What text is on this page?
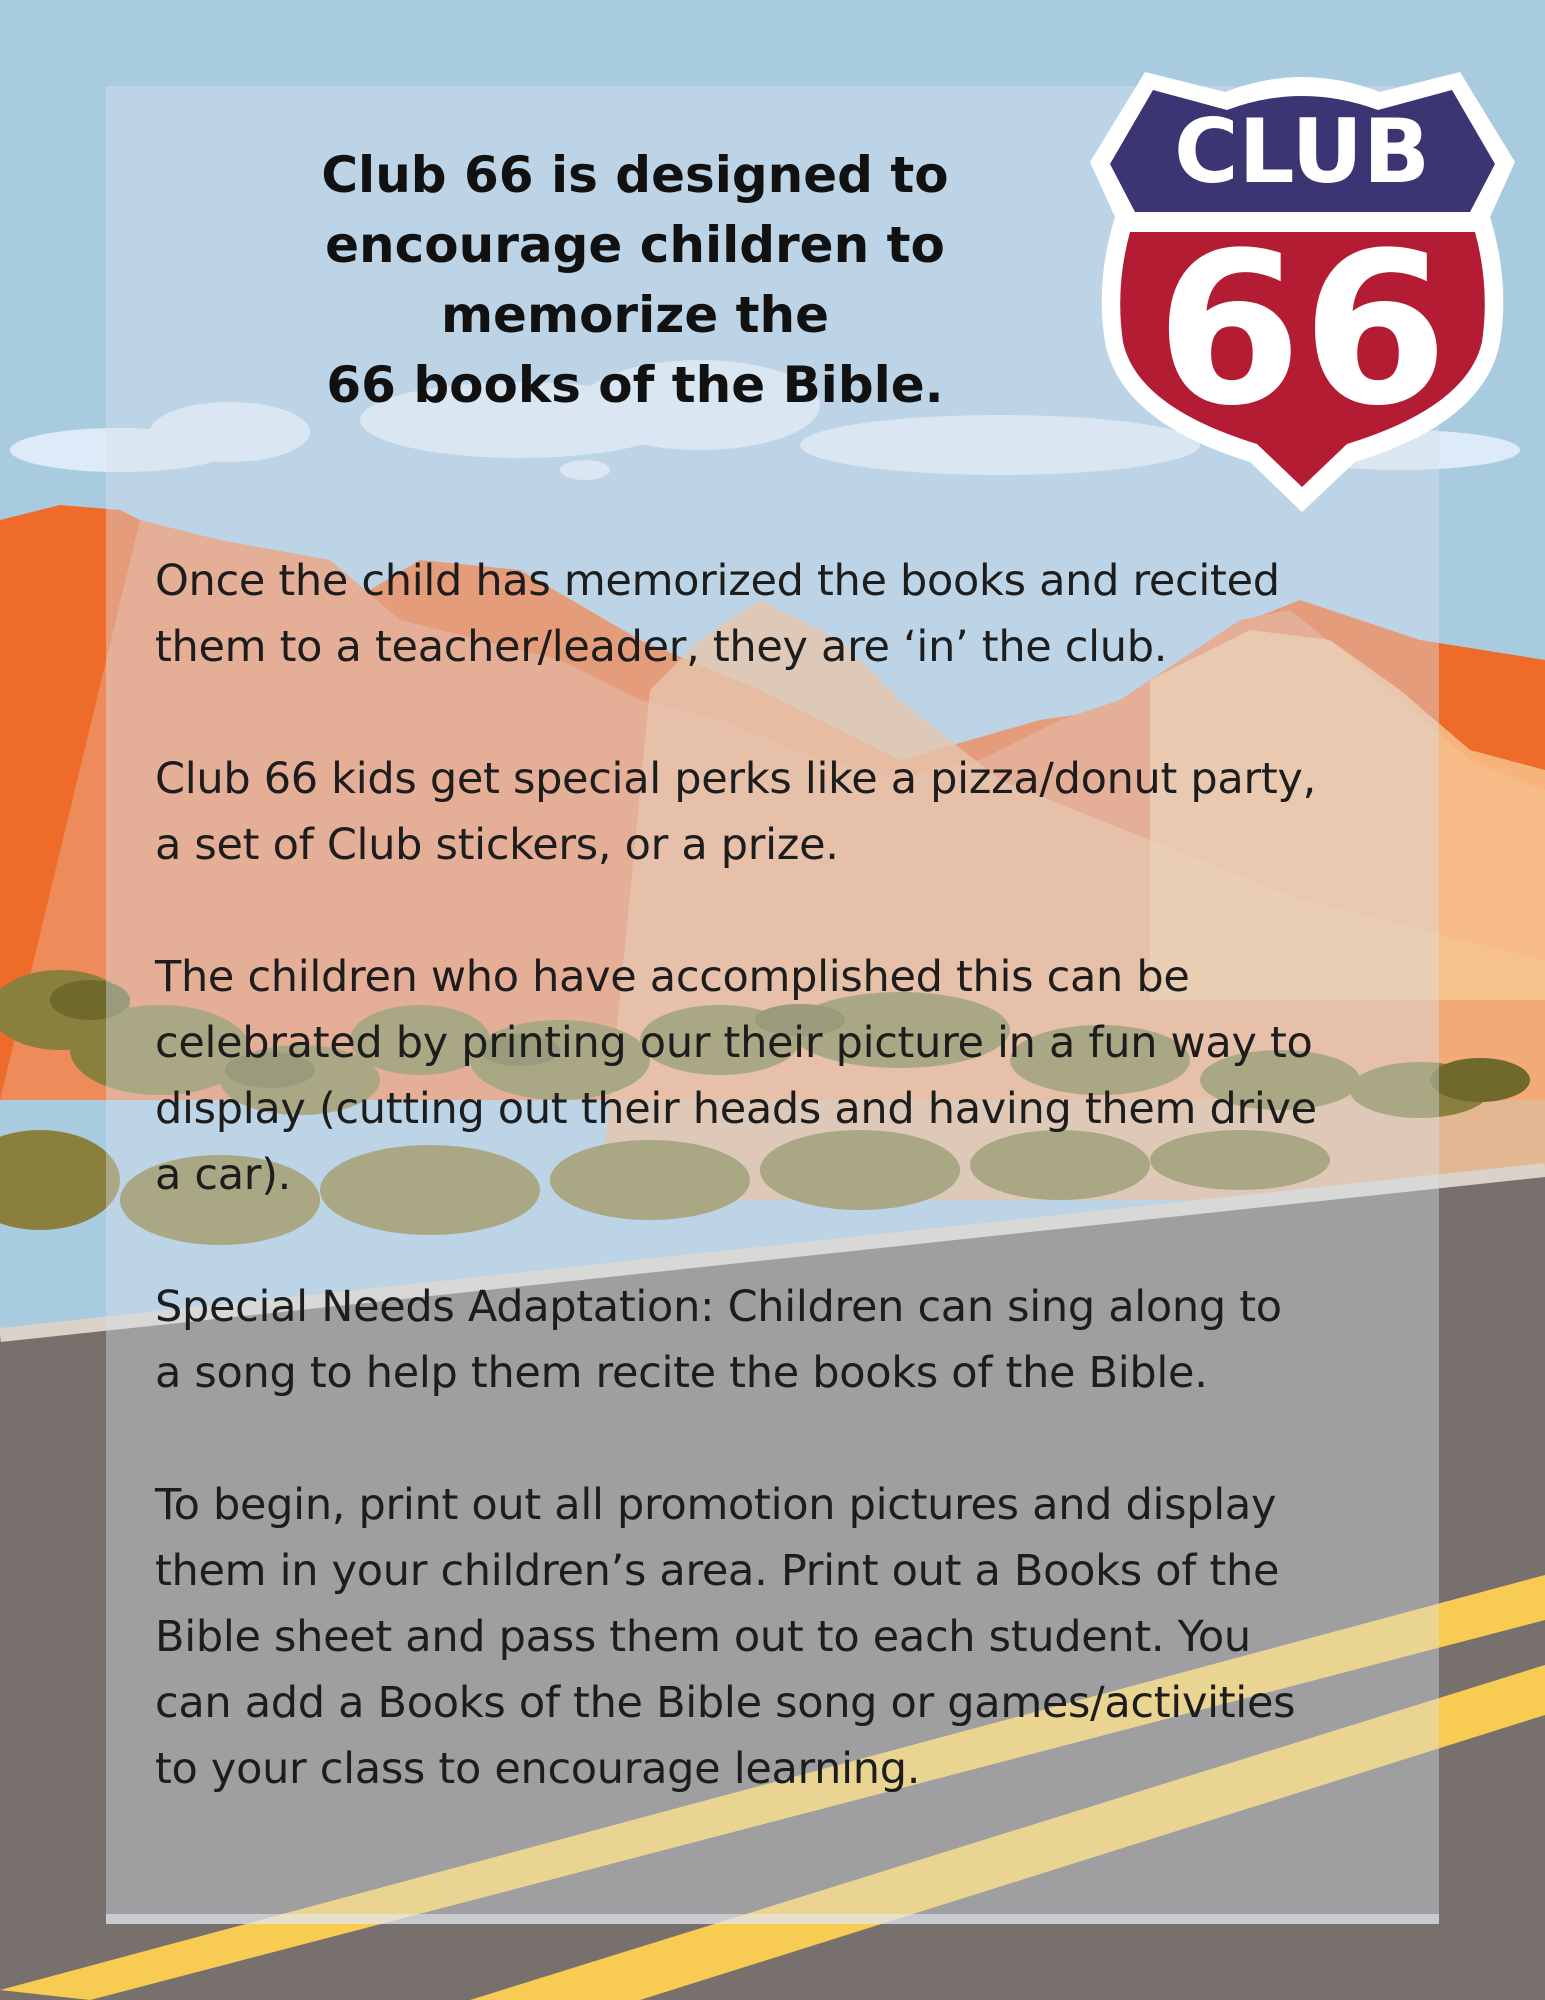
Club 66 is designed to
encourage children to
memorize the
66 books of the Bible.
CLUB
66

Once the child has memorized the books and recited
them to a teacher/leader, they are ‘in’ the club.

Club 66 kids get special perks like a pizza/donut party,
a set of Club stickers, or a prize.

The children who have accomplished this can be
celebrated by printing our their picture in a fun way to
display (cutting out their heads and having them drive
a car).

Special Needs Adaptation: Children can sing along to
a song to help them recite the books of the Bible.

To begin, print out all promotion pictures and display
them in your children’s area. Print out a Books of the
Bible sheet and pass them out to each student. You
can add a Books of the Bible song or games/activities
to your class to encourage learning.
